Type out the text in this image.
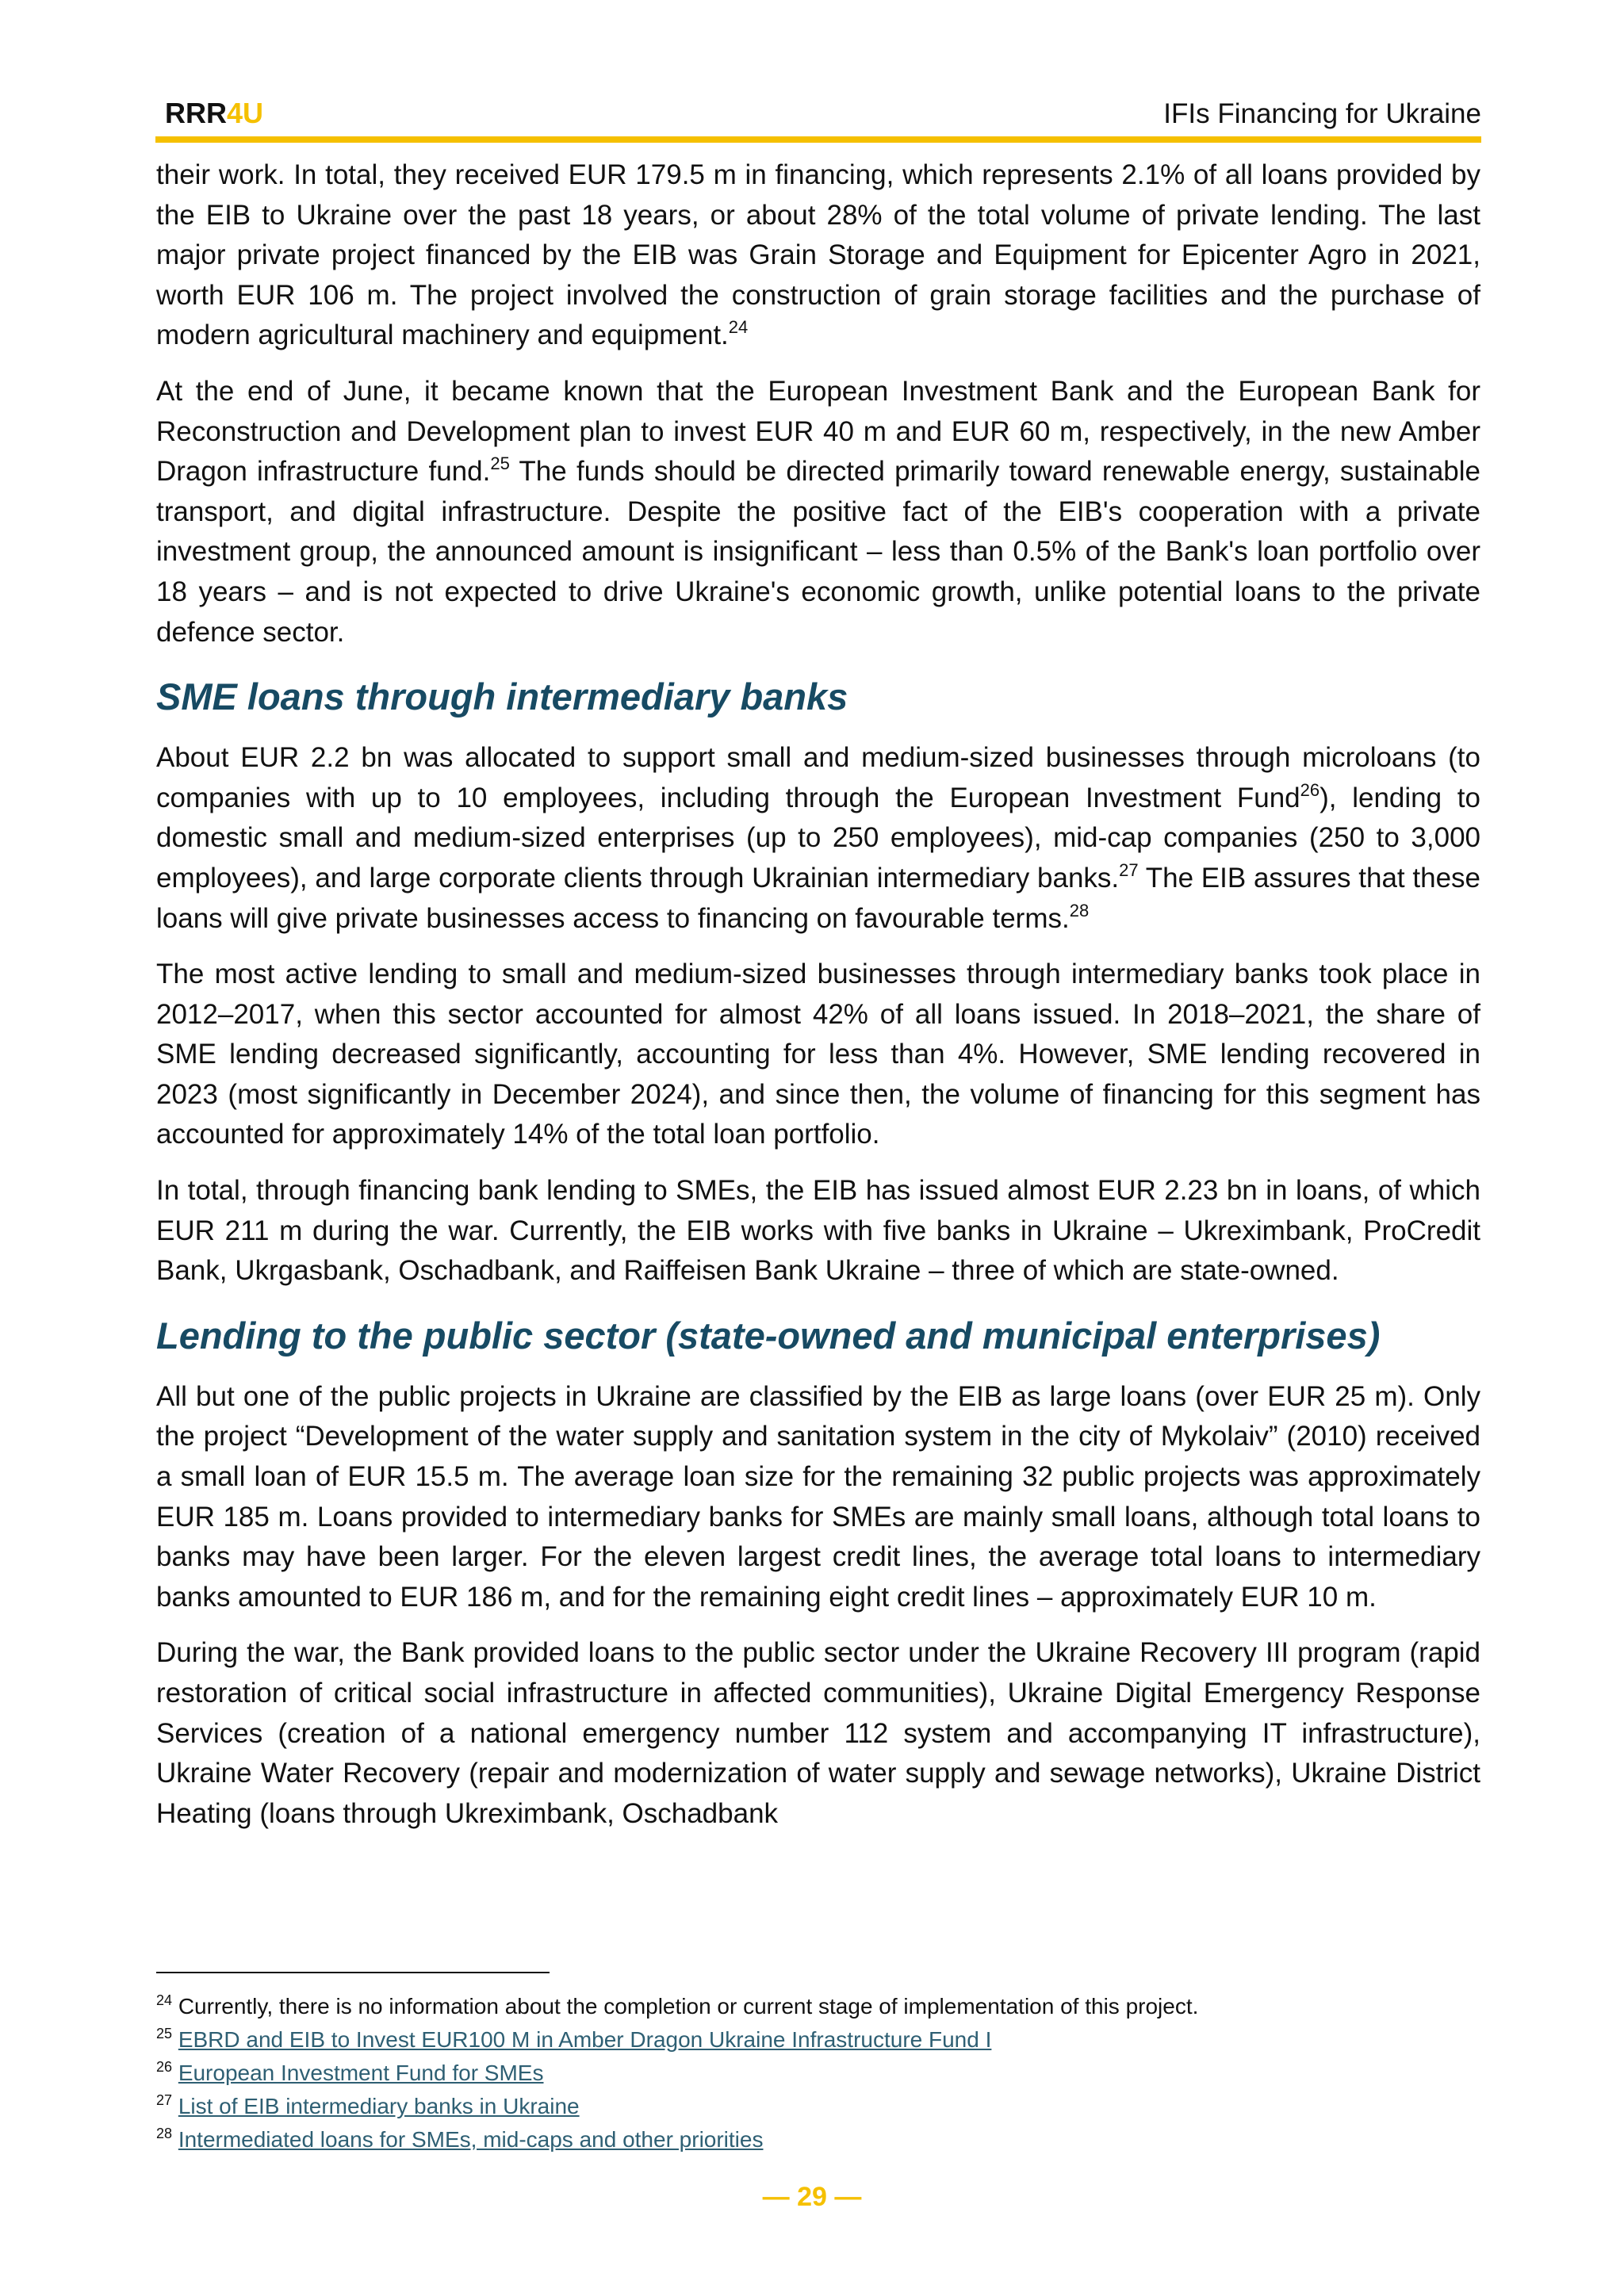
RRR4U	IFIs Financing for Ukraine

their work. In total, they received EUR 179.5 m in financing, which represents 2.1% of all loans provided by the EIB to Ukraine over the past 18 years, or about 28% of the total volume of private lending. The last major private project financed by the EIB was Grain Storage and Equipment for Epicenter Agro in 2021, worth EUR 106 m. The project involved the construction of grain storage facilities and the purchase of modern agricultural machinery and equipment.$^{24}$

At the end of June, it became known that the European Investment Bank and the European Bank for Reconstruction and Development plan to invest EUR 40 m and EUR 60 m, respectively, in the new Amber Dragon infrastructure fund.$^{25}$ The funds should be directed primarily toward renewable energy, sustainable transport, and digital infrastructure. Despite the positive fact of the EIB's cooperation with a private investment group, the announced amount is insignificant – less than 0.5% of the Bank's loan portfolio over 18 years – and is not expected to drive Ukraine's economic growth, unlike potential loans to the private defence sector.

SME loans through intermediary banks

About EUR 2.2 bn was allocated to support small and medium-sized businesses through microloans (to companies with up to 10 employees, including through the European Investment Fund$^{26}$), lending to domestic small and medium-sized enterprises (up to 250 employees), mid-cap companies (250 to 3,000 employees), and large corporate clients through Ukrainian intermediary banks.$^{27}$ The EIB assures that these loans will give private businesses access to financing on favourable terms.$^{28}$

The most active lending to small and medium-sized businesses through intermediary banks took place in 2012–2017, when this sector accounted for almost 42% of all loans issued. In 2018–2021, the share of SME lending decreased significantly, accounting for less than 4%. However, SME lending recovered in 2023 (most significantly in December 2024), and since then, the volume of financing for this segment has accounted for approximately 14% of the total loan portfolio.

In total, through financing bank lending to SMEs, the EIB has issued almost EUR 2.23 bn in loans, of which EUR 211 m during the war. Currently, the EIB works with five banks in Ukraine – Ukreximbank, ProCredit Bank, Ukrgasbank, Oschadbank, and Raiffeisen Bank Ukraine – three of which are state-owned.

Lending to the public sector (state-owned and municipal enterprises)

All but one of the public projects in Ukraine are classified by the EIB as large loans (over EUR 25 m). Only the project “Development of the water supply and sanitation system in the city of Mykolaiv” (2010) received a small loan of EUR 15.5 m. The average loan size for the remaining 32 public projects was approximately EUR 185 m. Loans provided to intermediary banks for SMEs are mainly small loans, although total loans to banks may have been larger. For the eleven largest credit lines, the average total loans to intermediary banks amounted to EUR 186 m, and for the remaining eight credit lines – approximately EUR 10 m.

During the war, the Bank provided loans to the public sector under the Ukraine Recovery III program (rapid restoration of critical social infrastructure in affected communities), Ukraine Digital Emergency Response Services (creation of a national emergency number 112 system and accompanying IT infrastructure), Ukraine Water Recovery (repair and modernization of water supply and sewage networks), Ukraine District Heating (loans through Ukreximbank, Oschadbank

$^{24}$ Currently, there is no information about the completion or current stage of implementation of this project.
$^{25}$ EBRD and EIB to Invest EUR100 M in Amber Dragon Ukraine Infrastructure Fund I
$^{26}$ European Investment Fund for SMEs
$^{27}$ List of EIB intermediary banks in Ukraine
$^{28}$ Intermediated loans for SMEs, mid-caps and other priorities
— 29 —
